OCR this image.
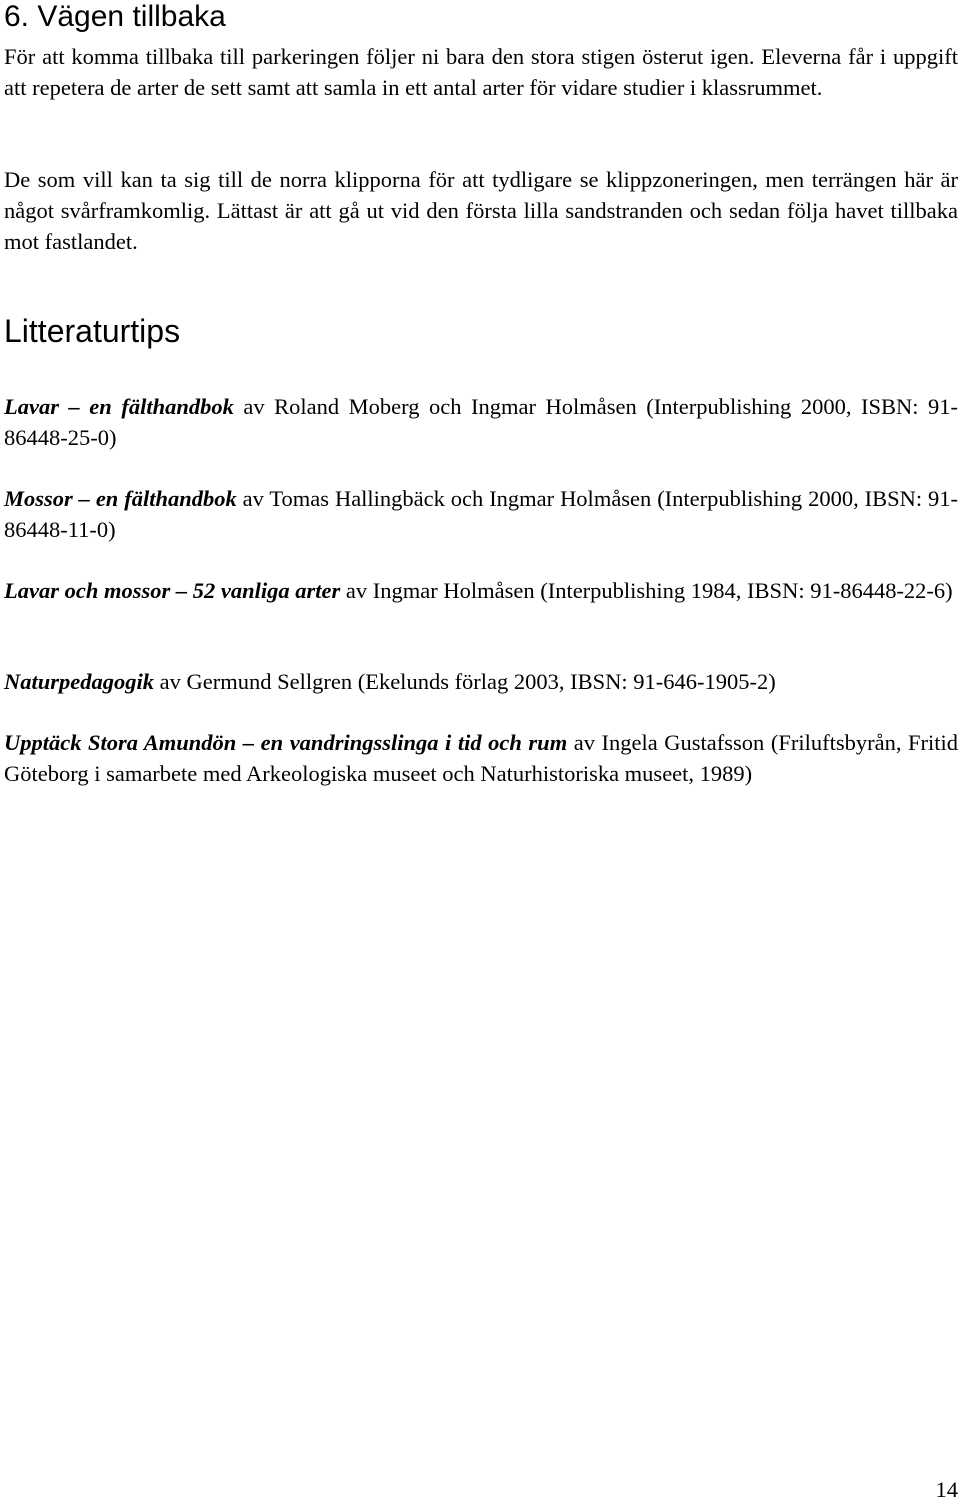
6. Vägen tillbaka

För att komma tillbaka till parkeringen följer ni bara den stora stigen österut igen. Eleverna får i uppgift att repetera de arter de sett samt att samla in ett antal arter för vidare studier i klassrummet.

De som vill kan ta sig till de norra klipporna för att tydligare se klippzoneringen, men terrängen här är något svårframkomlig. Lättast är att gå ut vid den första lilla sandstranden och sedan följa havet tillbaka mot fastlandet.

Litteraturtips

Lavar – en fälthandbok av Roland Moberg och Ingmar Holmåsen (Interpublishing 2000, ISBN: 91-86448-25-0)

Mossor – en fälthandbok av Tomas Hallingbäck och Ingmar Holmåsen (Interpublishing 2000, IBSN: 91-86448-11-0)

Lavar och mossor – 52 vanliga arter av Ingmar Holmåsen (Interpublishing 1984, IBSN: 91-86448-22-6)

Naturpedagogik av Germund Sellgren (Ekelunds förlag 2003, IBSN: 91-646-1905-2)

Upptäck Stora Amundön – en vandringsslinga i tid och rum av Ingela Gustafsson (Friluftsbyrån, Fritid Göteborg i samarbete med Arkeologiska museet och Naturhistoriska museet, 1989)

14
